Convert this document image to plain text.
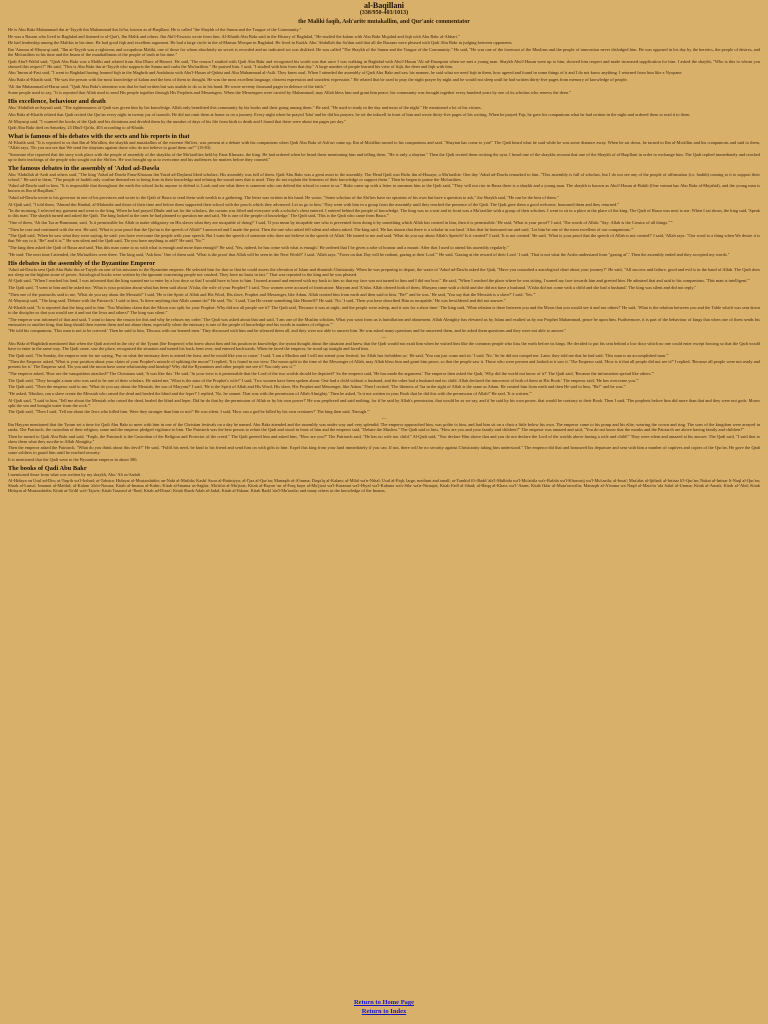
al-Baqillani
(338/950-403/1013)
the Maliki faqih, Ash'arite mutakallim, and Qur'anic commentator

He is Abu Bakr Muhammad ibn at-Tayyib ibn Muhammad ibn Ja'far, known as al-Baqillani. He is called "the Shaykh of the Sunna and the Tongue of the Community."

He was a Basran who lived in Baghdad and listened to al-Qati'i, Ibn Malik and others. Ibn Abi'l-Fawaris wrote from him. Al-Khatib Abu Bakr said in the History of Baghdad, "He studied the kalam with Abu Bakr Mujahid and fiqh with Abu Bakr al-Abhari."

He had leadership among the Malikis in his time. He had good fiqh and excellent argument. He had a large circle in the al-Mansur Mosque in Baghdad. He lived in Karkh. Abu 'Abdullah ibn Sa'dun said that all the Basrans were pleased with Qadi Abu Bakr in judging between opponents.

Ibn 'Ammar al-Mayurqi said, "Ibn at-Tayyib was a righteous and scrupulous Maliki, one of those for whom absolutely no secret is recorded and no indicated act was disliked. He was called "The Shaykh of the Sunna and the Tongue of the Community." He said, "He was one of the foremost of the Muslims and the people of innovation never dislodged him. He was opposed in his day by the heretics, the people of desires, and the Mu'tazilites in his time and the Imam of the mutakallimun of the people of truth in his time."

Qadi Abu'l-Walid said, "Qadi Abu Bakr was a Maliki and related from Abu Dharr al-Harawi. He said, 'The reason I studied with Qadi Abu Bakr and recognised his worth was that once I was walking in Baghdad with Abu'l-Hasan 'Ali ad-Daraqutni when we met a young man. Shaykh Abu'l-Hasan went up to him, showed him respect and made increased supplication for him. I asked the shaykh, "Who is this to whom you showed this respect?" He said, "This is Abu Bakr ibn at-Tayyib who supports the Sunna and curbs the Mu'tazilites." He praised him. I said, "I studied with him from that day." A large number of people learned his view of fiqh, the deen and fiqh with him.

Abu 'Imran al-Fasi said, "I went to Baghdad having learned fiqh in the Maghrib and Andalusia with Abu'l-Hasan al-Qabisi and Abu Muhammad al-Asili. They knew usul. When I attended the assembly of Qadi Abu Bakr and saw his manner, he said what we need fiqh in them, how agreed and found in some things of it and I do not know anything. I returned from him like a Nyopane.

Abu Bakr al-Khatib said, "He was the person with the most knowledge of kalam and the best of them in thought. He was the most excellent language, clearest expression and soundest expression." He related that he used to pray the night prayer by night and he would not sleep until he had written thirty-five pages from memory of knowledge of people.

'Ali ibn Muhammad al-Haraz said, "Qadi Abu Bakr's intention was that he had written but was unable to do so in his hand. He wrote seventy thousand pages in defence of the faith."

Some people used to say, "It is reported that Allah used to send His people together through His Prophets and Messengers. When the Messengers were carried by Muhammad, may Allah bless him and grant him peace, his community was brought together every hundred years by one of its scholars who renews the deen."

His excellence, behaviour and death

Abu 'Abdullah as-Sayrafi said, "The righteousness of Qadi was given him by his knowledge. Allah only benefitted this community by his books and their going among them." He said, "He used to study in the day and most of the night." He mentioned a lot of his virtues.

Abu Bakr al-Khatib related that Qadi recited the Qur'an every night in twenty juz of tarawih. He did not omit them at home or on a journey. Every night when he prayed 'Isha' and he did his prayers, he set the inkwell in front of him and wrote thirty-five pages of his writing. When he prayed Fajr, he gave his companions what he had written in the night and ordered them to read it to them.

Al-Mayurqi said, "I counted the books of the Qadi and his dictations and divided them by the number of days of his life from birth to death and I found that there were about ten pages per day."

Qadi Abu Bakr died on Saturday, 23 Dhu'l-Qa'da, 403 according to al-Khatib.

What is famous of his debates with the sects and his reports in that

Al-Khatib said, "It is reported to us that Ibn al-Mu'allim, the shaykh and mutakallim of the extreme Shi'ites, was present at a debate with his companions when Qadi Abu Bakr al-Ash'ari came up. Ibn al-Mu'allim turned to his companions and said, "Shaytan has come to you!" The Qadi heard what he said while he was some distance away. When he sat down, he turned to Ibn al-Mu'allim and his companions and said to them, "Allah says, 'Do you not see that We send the shaytans against those who do not believe to goad them on?'" (19:83)

"Someone else reported that the story took place with the people of assembly of the shaykhs of the Mu'tazilites held by Fana Khusrau. the king. He had ordered when he heard these mentioning him and telling them, "He is only a shaytan." Then the Qadi recited them reciting the ayat. I heard one of the shaykhs recount that one of the Shaykh of al-Baqillani in order to exchange him. The Qadi replied immediately and reached up to their teachings of the people who sought out the Shi'ites. He was brought up as to overcome and his audiences for matters before they coursed."

The famous debates in the assembly of 'Adud ad-Dawla

Abu 'Abdullah al-Azdi and others said, "The king 'Adud ad-Dawla Fana-Khusrau ibn Yazid ad-Daylami liked scholars. His assembly was full of them. Qadi Abu Bakr was a great asset to the assembly. The Head Qadi was Bishr ibn al-Husayn, a Mu'tazilite. One day 'Adud ad-Dawla remarked to him, "This assembly is full of scholars, but I do not see any of the people of affirmation (i.e. hadith) coming to it to support their school." He said to them, "The people of hadith only confine themselves to being firm in their knowledge and refuting the sound ones that is used. They do not explain the firmness of their knowledge or support them." Then he began to praise the Mu'tazilites.

'Adud ad-Dawla said to him, "It is impossible that throughout the earth the school lacks anyone to defend it. Look and see what there is someone who can defend the school to come to us." Bishr came up with a letter to summon him to the Qadi said, "They will not rise in Basra there is a shaykh and a young man. The shaykh is known as Abu'l-Hasan al-Bahili (One variant has Abu Bakr al-Mujahid), and the young man is known as Ibn al-Baqillani."

'Adud ad-Dawla wrote to his governor in one of his provinces and wrote to the Qadi of Basra to send them with wealth to a gathering. The letter was written in his hand. He wrote, "Some scholars of the Shi'ites have no opinions of his own but have a question to ask," the Shaykh said, "He can be the best of them."

Al-Qadi said, "I told them, 'Ahmad ibn Hanbal, al-Muhasibi and those of their time and before them supported their school with the proofs which they advanced. Let us go to him.' They went with him in a group from the assembly until they reached the presence of the Qadi. The Qadi gave them a good welcome, honoured them and they returned."

"In the morning, I selected my garment and went to the king. When he had prayed Dhuhr and sat for the scholars, the curtain was lifted and everyone with a scholar's chest entered. I entered behind the people of knowledge. The king was in a seat and in front was a Mu'tazilite with a group of their scholars. I went to sit in a place at the place of the king. The Qadi of Basra was next to me. When I sat down, the king said, 'Speak to this man.' The shaykh turned and asked the Qadi. The king looked at the ones he had planned to question me and said, 'He is one of the people of knowledge.' The Qadi said, 'This is the Qadi who came from Basra.'"

"One of them, 'Ali ibn 'Isa ar-Rummani, said, 'Is it permissible for Allah to make obligatory on His slaves what they are incapable of doing?' I said, 'If you mean by incapable one who is prevented from doing it by something which Allah has created in him, then it is permissible.' He said, 'What is your proof?' I said, 'The words of Allah: "Say: Allah is the Creator of all things."'"

"Then he rose and continued with the rest. He said, 'What is your proof that the Qur'an is the speech of Allah?' I answered and I made the point. Then the one who asked fell silent and others asked. The king said, 'He has shown that there is a scholar in our land.' After that he honoured me and said, 'Let him be one of the most excellent of our companions.'"

"The Qadi said, 'When he saw what they were saying, he said: you have overcome the people with your speech. But I want the speech of someone who does not believe in the speech of Allah.' He turned to me and said, 'What do you say about Allah's Speech? Is it created?' I said, 'It is not created.' He said, 'What is your proof that the speech of Allah is not created?' I said, 'Allah says: "Our word to a thing when We desire it is that We say to it, 'Be!' and it is."' He was silent and the Qadi said, 'Do you have anything to add?' He said, 'No.'"

"The king then asked the Qadi of Basra and said, 'Has this man come to us with what is enough and more than enough?' He said, 'Yes, indeed, he has come with what is enough.' He ordered that I be given a robe of honour and a mount. After that I used to attend his assembly regularly."

"He said: The next time I attended, the Mu'tazilites were there. The king said, 'Ask him.' One of them said, 'What is the proof that Allah will be seen in the Next World?' I said, 'Allah says, "Faces on that Day will be radiant, gazing at their Lord."' He said, 'Gazing at the reward of their Lord.' I said, 'That is not what the Arabs understand from "gazing at".' Then the assembly ended and they accepted my words."

His debates in the assembly of the Byzantine Emperor

'Adud ad-Dawla sent Qadi Abu Bakr ibn at-Tayyib on one of his missions to the Byzantine emperor. He selected him for that so that he could assess the elevation of Islam and diminish Christianity. When he was preparing to depart, the wazir of 'Adud ad-Dawla asked the Qadi, "Have you consulted a astrological chart about your journey?" He said, "All success and failure, good and evil is in the hand of Allah. The Qadi does not sleep on the highest stone of power. Astrological books were written by the ignorant concerning people not crushed. They have no basis in fact." That was repeated to the king and he was pleased.

Al-Qadi said, "When I reached his land, I was informed that the king wanted me to enter by a low door so that I would have to bow to him. I turned around and entered with my back to him so that my face was not turned to him and I did not bow." He said, "When I reached the place where he was sitting, I turned my face towards him and greeted him. He admired that and said to his companions, 'This man is intelligent.'"

The Qadi said, "I went to him and he asked me, 'What is your position about what has been said about 'A'isha, the wife of your Prophet?' I said, 'Two women were accused of fornication: Maryam and 'A'isha. Allah cleared both of them. Maryam came with a child and she did not have a husband. 'A'isha did not come with a child and she had a husband.' The king was silent and did not reply."

"Then one of the patriarchs said to me, 'What do you say about the Messiah?' I said, 'He is the Spirit of Allah and His Word, His slave, Prophet and Messenger, like Adam. Allah created him from earth and then said to him, "Be!" and he was.' He said, 'You say that the Messiah is a slave?' I said, 'Yes.'"

Al-Mayurqi said, "The king said, 'Debate with the Patriarch.' I said to him, 'Is there anything that Allah cannot do?' He said, 'No.' I said, 'Can He create something like Himself?' He said, 'No.' I said, 'Then you have described Him as incapable.' He was bewildered and did not answer."

Al-Khatib said, "It is reported that the king said to him: 'You Muslims claim that the Moon was split for your Prophet. Why did not all people see it?' The Qadi said, 'Because it was at night, and the people were asleep, and it was for a short time.' The king said, 'What relation is there between you and the Moon that you would see it and not others?' He said, 'What is the relation between you and the Table which was sent down to the disciples so that you would see it and not the Jews and others?' The king was silent."

"The emperor was informed of that and said, 'I want to know the reason for this and why he refuses my order.' The Qadi was asked about that and said, 'I am one of the Muslim scholars. What you want from us is humiliation and abasement. Allah Almighty has elevated us by Islam and exalted us by our Prophet Muhammad, peace be upon him. Furthermore, it is part of the behaviour of kings that when one of them sends his emissaries to another king, that king should then esteem them and not abase them, especially when the emissary is one of the people of knowledge and his words in matters of religion.'"

"He told his companions, 'This man is not to be coerced.' Then he said to him, 'Discuss with our learned men.' They discussed with him and he silenced them all, and they were not able to answer him. He was asked many questions and he answered them, and he asked them questions and they were not able to answer."

—

Abu Bakr al-Baghdadi mentioned that when the Qadi arrived in the city of the Tyrant [the Emperor] who knew about him and his position in knowledge, the tyrant thought about the situation and knew that the Qadi would not exalt him when he visited him like the common people who kiss the earth before its kings. He decided to put his seat behind a low door which no one could enter except bowing so that the Qadi would have to enter in the same way. The Qadi came, saw the place, recognised the situation and turned his back, bent over, and entered backwards. When he faced the emperor, he stood up straight and faced him.

The Qadi said, "On Sunday, the emperor sent for me saying, 'Put on what the emissary does to attend the feast, and he would like you to come.' I said, 'I am a Muslim and I will not attend your festival, for Allah has forbidden us.' He said, 'You can just come and sit.' I said, 'No.' So he did not compel me. Later, they told me that he had said, 'This man is an accomplished man.'"

"Then the Emperor asked, 'What is your position about your claim of your Prophet's miracle of splitting the moon?' I replied, 'It is found in our view. The moon split in the time of the Messenger of Allah, may Allah bless him and grant him peace, so that the people saw it. Those who were present and looked at it saw it.' The Emperor said, 'How is it that all people did not see it?' I replied, 'Because all people were not ready and present for it.' The Emperor said, 'Do you and the moon have some relationship and kinship? Why did the Byzantines and other people not see it? You only saw it.'"

"The emperor asked, 'How are the vanquishers attacked?' The Christians said, 'It was like this.' He said, 'In your view is it permissible that the Lord of the two worlds should be depicted?' So the emperor said, 'He has made the argument.' The emperor then asked the Qadi, 'Why did the world not know of it?' The Qadi said, 'Because the information spread like others.'"

The Qadi said, "They brought a man who was said to be one of their scholars. He asked me, 'What is the state of the Prophet's wife?' I said, 'Two women have been spoken about. One had a child without a husband, and the other had a husband and no child. Allah declared the innocence of both of them in His Book.' The emperor said, 'He has overcome you.'"

The Qadi said, "Then the emperor said to me, 'What do you say about the Messiah, the son of Maryam?' I said, 'He is the Spirit of Allah and His Word, His slave, His Prophet and Messenger, like Adam.' Then I recited: 'The likeness of 'Isa in the sight of Allah is the same as Adam. He created him from earth and then He said to him, "Be!" and he was.'"

"He asked, 'Muslim, can a slave create the Messiah who raised the dead and healed the blind and the leper?' I replied, 'No, he cannot. That was with the permission of Allah Almighty.' Then he asked, 'Is it not written in your Book that he did this with the permission of Allah?' He said, 'It is written.'"

Al-Qadi said, "I said to him, 'Tell me about the Messiah who raised the dead, healed the blind and leper. Did he do that by the permission of Allah or by his own power?' He was perplexed and said nothing, for if he said by Allah's permission, that would be as we say, and if he said by his own power, that would be contrary to their Book. Then I said, 'The prophets before him did more than that and they were not gods. Moses split the sea and brought water from the rock.'"

The Qadi said, "Then I said, 'Tell me about the Jews who killed him. Were they stronger than him or not?' He was silent. I said, 'How can a god be killed by his own creatures?' The king then said, 'Enough.'"

—

Ibn Hayyan mentioned that the Tyrant set a time for Qadi Abu Bakr to meet with him in one of the Christian festivals on a day he named. Abu Bakr attended and the assembly was under way and very splendid. The emperor approached him, was polite to him, and had him sit on a chair a little below his own. The emperor came to his pomp and his elite, wearing the crown and ring. The sons of the kingdom were arrayed in ranks. The Patriarch, the custodian of their religion, came and the emperor pledged vigilance to him. The Patriarch was the best person to refute the Qadi and stood in front of him and the emperor said, "Debate the Muslim." The Qadi said to him, "How are you and your family and children?" The emperor was amazed and said, "You do not know that the monks and the Patriarch are above having family and children?"

Then he turned to Qadi Abu Bakr and said, "Faqih, the Patriarch is the Custodian of the Religion and Protector of the creed." The Qadi greeted him and asked him, "How are you?" The Patriarch said, "He has no wife nor child." Al-Qadi said, "You declare Him above that and you do not declare the Lord of the worlds above having a wife and child!" They were silent and amazed at his answer. The Qadi said, "I said that to show them what they ascribe to Allah Almighty."

Then the emperor asked the Patriarch, "What do you think about this devil?" He said, "Fulfil his need, be kind to his friend and send him on with gifts to him. Expel this king from your land immediately if you can. If not, there will be no security against Christianity taking him understood." The emperor did that and honoured his departure and sent with him a number of captives and copies of the Qur'an. He gave the Qadi some soldiers to guard him until he reached security.

It is mentioned that the Qadi went to the Byzantine emperor in about 380.

The books of Qadi Abu Bakr

I mentioned those from what was written by my shaykh, Abu 'Ali as-Sadafi.

Al-Hidaya on Usul ad-Din; at-Taqrib wa'l-Irshad; at-Tabsira; Hidayat al-Mustarshidin; an-Nakt al-Mufida; Kashf Asrar al-Batiniyya; al-I'jaz al-Qur'an; Manaqib al-A'imma; Daqa'iq al-Kalam; al-Milal wa'n-Nihal; Usul al-Fiqh, large, medium and small; at-Tamhid fi'r-Radd 'ala'l-Mulhida wa'l-Mu'attila wa'r-Rafida wa'l-Khawarij wa'l-Mu'tazila; al-Insaf; Mas'alat al-Ijtihad; al-Intisar li'l-Qur'an; Nukat al-Intisar li-Naql al-Qur'an; Sharh al-Luma'; Imamat al-Mafdul; al-Kalam 'ala'n-Nasara; Kitab al-Imama al-Kabir; Kitab al-Imama as-Saghir; Ma'rifat al-Mu'jizat; Kitab al-Bayan 'an al-Farq bayn al-Mu'jizat wa'l-Karamat wa'l-Hiyal wa'l-Kahana wa's-Sihr wa'n-Nirnajat; Kitab Fadl al-Jihad; al-Haqq al-Khass wa'l-'Amm; Kitab Ikfar al-Muta'awwilin; Manaqib al-A'imma wa Naqd al-Mata'in 'ala Salaf al-Umma; Kitab al-Amali; Kitab al-'Ahd; Kitab Hidayat al-Mustarshidin; Kitab at-Ta'dil wa't-Tajwir; Kitab Tasarruf al-'Ibad; Kitab ad-Dima'; Kitab Sharh Adab al-Jadal; Kitab al-Ihkam; Kitab Radd 'ala'l-Mu'tazila; and many others in the knowledge of the Imams.

Return to Home Page
Return to Index
